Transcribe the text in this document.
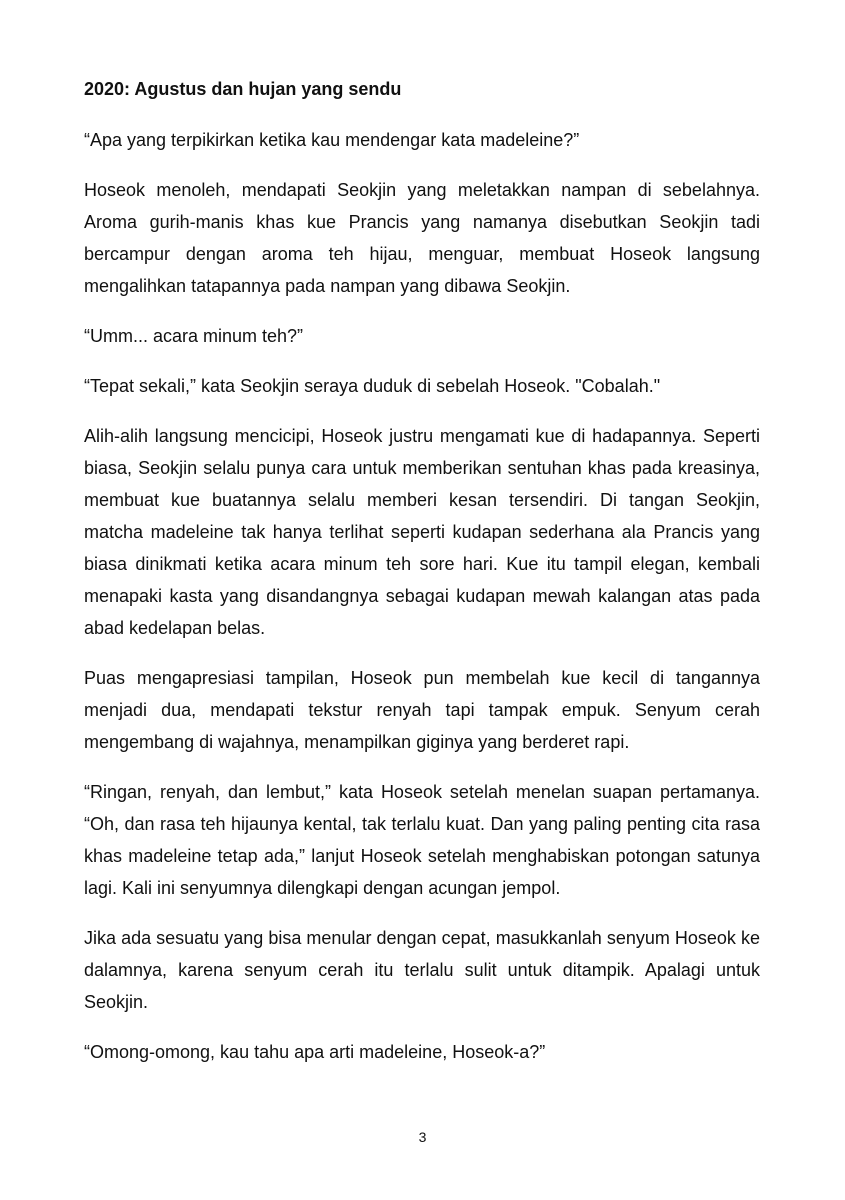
2020: Agustus dan hujan yang sendu

“Apa yang terpikirkan ketika kau mendengar kata madeleine?”

Hoseok menoleh, mendapati Seokjin yang meletakkan nampan di sebelahnya. Aroma gurih-manis khas kue Prancis yang namanya disebutkan Seokjin tadi bercampur dengan aroma teh hijau, menguar, membuat Hoseok langsung mengalihkan tatapannya pada nampan yang dibawa Seokjin.

“Umm... acara minum teh?”

“Tepat sekali,” kata Seokjin seraya duduk di sebelah Hoseok. "Cobalah."

Alih-alih langsung mencicipi, Hoseok justru mengamati kue di hadapannya. Seperti biasa, Seokjin selalu punya cara untuk memberikan sentuhan khas pada kreasinya, membuat kue buatannya selalu memberi kesan tersendiri. Di tangan Seokjin, matcha madeleine tak hanya terlihat seperti kudapan sederhana ala Prancis yang biasa dinikmati ketika acara minum teh sore hari. Kue itu tampil elegan, kembali menapaki kasta yang disandangnya sebagai kudapan mewah kalangan atas pada abad kedelapan belas.

Puas mengapresiasi tampilan, Hoseok pun membelah kue kecil di tangannya menjadi dua, mendapati tekstur renyah tapi tampak empuk. Senyum cerah mengembang di wajahnya, menampilkan giginya yang berderet rapi.

“Ringan, renyah, dan lembut,” kata Hoseok setelah menelan suapan pertamanya. “Oh, dan rasa teh hijaunya kental, tak terlalu kuat. Dan yang paling penting cita rasa khas madeleine tetap ada,” lanjut Hoseok setelah menghabiskan potongan satunya lagi. Kali ini senyumnya dilengkapi dengan acungan jempol.

Jika ada sesuatu yang bisa menular dengan cepat, masukkanlah senyum Hoseok ke dalamnya, karena senyum cerah itu terlalu sulit untuk ditampik. Apalagi untuk Seokjin.

“Omong-omong, kau tahu apa arti madeleine, Hoseok-a?”

3
